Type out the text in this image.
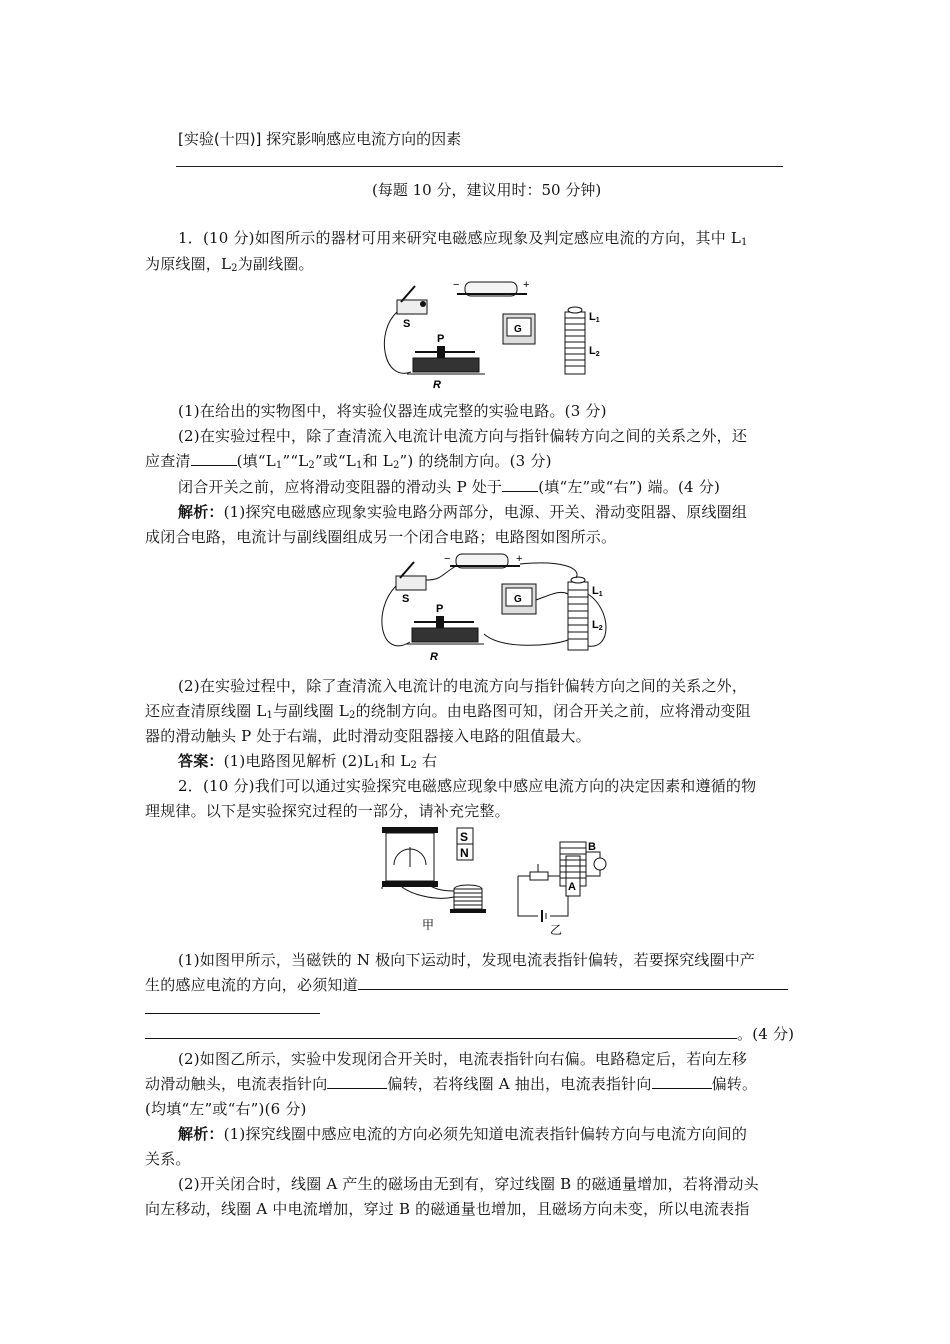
[实验(十四)] 探究影响感应电流方向的因素
(每题 10 分，建议用时：50 分钟)
1．(10 分)如图所示的器材可用来研究电磁感应现象及判定感应电流的方向，其中 $L_1$
为原线圈，$L_2$为副线圈。
−	+
S	G
L1
L2
P
R
(1)在给出的实物图中，将实验仪器连成完整的实验电路。(3 分)
(2)在实验过程中，除了查清流入电流计电流方向与指针偏转方向之间的关系之外，还
应查清	(填“$L_1”“L_2$”或“$L_1$和 $L_2$”) 的绕制方向。(3 分)
闭合开关之前，应将滑动变阻器的滑动头 P 处于 (填“左”或“右”) 端。(4 分)
解析：(1)探究电磁感应现象实验电路分两部分，电源、开关、滑动变阻器、原线圈组
成闭合电路，电流计与副线圈组成另一个闭合电路；电路图如图所示。
−	+
S	G
L1
L2
P
R
(2)在实验过程中，除了查清流入电流计的电流方向与指针偏转方向之间的关系之外，
还应查清原线圈 $L_1$与副线圈 $L_2$的绕制方向。由电路图可知，闭合开关之前，应将滑动变阻
器的滑动触头 P 处于右端，此时滑动变阻器接入电路的阻值最大。
答案：(1)电路图见解析 $(2)L_1$和 $L_2$ 右
2．(10 分)我们可以通过实验探究电磁感应现象中感应电流方向的决定因素和遵循的物
理规律。以下是实验探究过程的一部分，请补充完整。
甲
S
N	B
A
乙
(1)如图甲所示，当磁铁的 N 极向下运动时，发现电流表指针偏转，若要探究线圈中产
生的感应电流的方向，必须知道
。(4 分)
(2)如图乙所示，实验中发现闭合开关时，电流表指针向右偏。电路稳定后，若向左移
动滑动触头，电流表指针向	偏转，若将线圈 A 抽出，电流表指针向	偏转。
(均填“左”或“右”)(6 分)
解析：(1)探究线圈中感应电流的方向必须先知道电流表指针偏转方向与电流方向间的
关系。
(2)开关闭合时，线圈 A 产生的磁场由无到有，穿过线圈 B 的磁通量增加，若将滑动头
向左移动，线圈 A 中电流增加，穿过 B 的磁通量也增加，且磁场方向未变，所以电流表指
